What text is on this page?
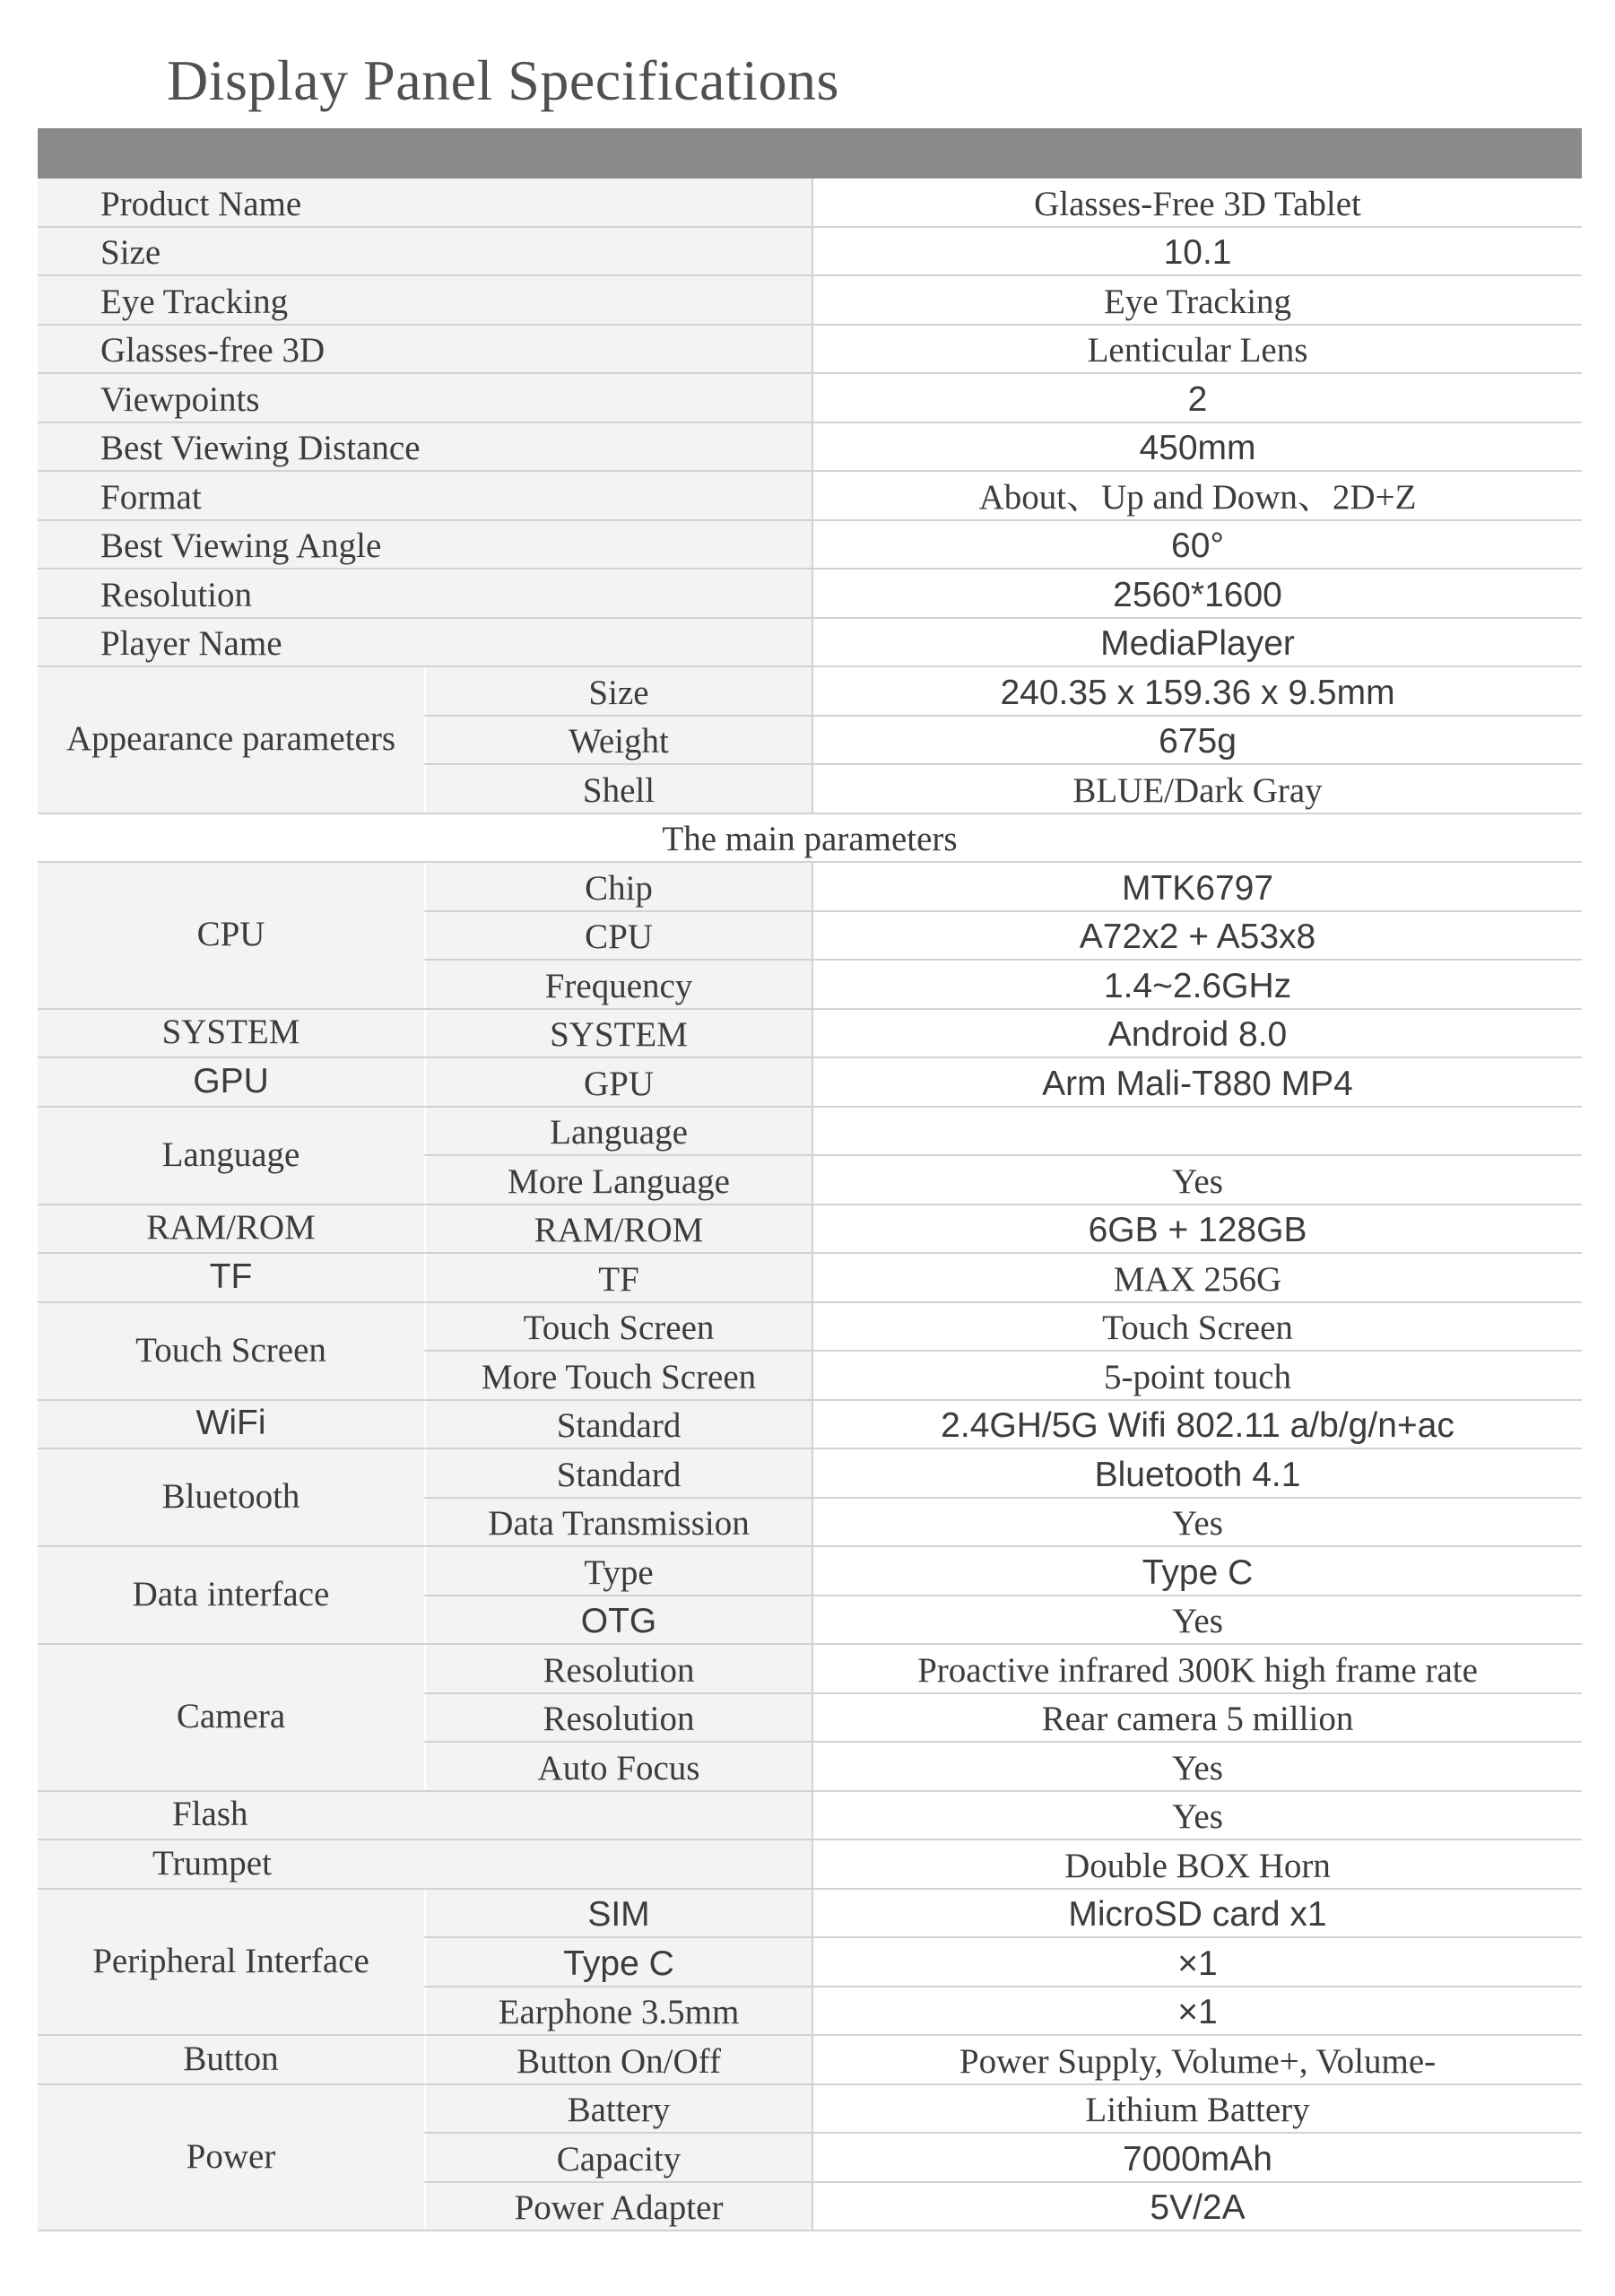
Display Panel Specifications
Product Name		Glasses-Free 3D Tablet
Size		10.1
Eye Tracking		Eye Tracking
Glasses-free 3D		Lenticular Lens
Viewpoints		2
Best Viewing Distance		450mm
Format		About、Up and Down、2D+Z
Best Viewing Angle		60°
Resolution		2560*1600
Player Name		MediaPlayer
Appearance parameters	Size	240.35 x 159.36 x 9.5mm
	Weight	675g
	Shell	BLUE/Dark Gray
The main parameters		
CPU	Chip	MTK6797
	CPU	A72x2 + A53x8
	Frequency	1.4~2.6GHz
SYSTEM	SYSTEM	Android 8.0
GPU	GPU	Arm Mali-T880 MP4
Language	Language	
	More Language	Yes
RAM/ROM	RAM/ROM	6GB + 128GB
TF	TF	MAX 256G
Touch Screen	Touch Screen	Touch Screen
	More Touch Screen	5-point touch
WiFi	Standard	2.4GH/5G Wifi 802.11 a/b/g/n+ac
Bluetooth	Standard	Bluetooth 4.1
	Data Transmission	Yes
Data interface	Type	Type C
	OTG	Yes
Camera	Resolution	Proactive infrared 300K high frame rate
	Resolution	Rear camera 5 million
	Auto Focus	Yes
Flash		Yes
Trumpet		Double BOX Horn
Peripheral Interface	SIM	MicroSD card x1
	Type C	×1
	Earphone 3.5mm	×1
Button	Button On/Off	Power Supply, Volume+, Volume-
Power	Battery	Lithium Battery
	Capacity	7000mAh
	Power Adapter	5V/2A
